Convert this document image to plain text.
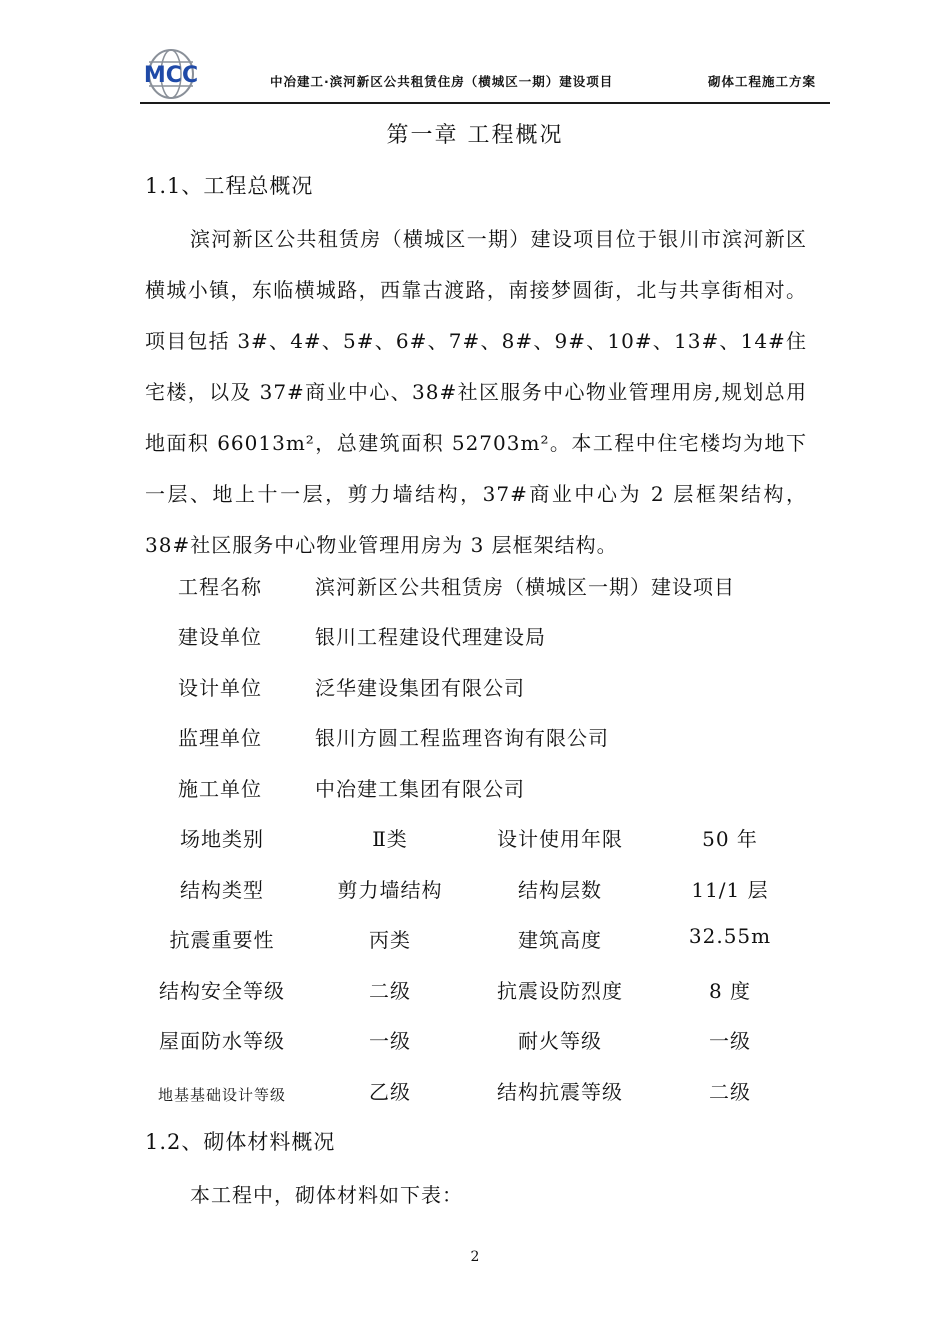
MCC	中冶建工·滨河新区公共租赁住房（横城区一期）建设项目	砌体工程施工方案
第一章 工程概况
1.1、工程总概况

滨河新区公共租赁房（横城区一期）建设项目位于银川市滨河新区横城小镇，东临横城路，西靠古渡路，南接梦圆街，北与共享街相对。项目包括 3#、4#、5#、6#、7#、8#、9#、10#、13#、14#住宅楼，以及 37#商业中心、38#社区服务中心物业管理用房,规划总用地面积 66013m²，总建筑面积 52703m²。本工程中住宅楼均为地下一层、地上十一层，剪力墙结构，37#商业中心为 2 层框架结构，38#社区服务中心物业管理用房为 3 层框架结构。

工程名称	滨河新区公共租赁房（横城区一期）建设项目
建设单位	银川工程建设代理建设局
设计单位	泛华建设集团有限公司
监理单位	银川方圆工程监理咨询有限公司
施工单位	中冶建工集团有限公司
场地类别	Ⅱ类	设计使用年限	50 年
结构类型	剪力墙结构	结构层数	11/1 层
抗震重要性	丙类	建筑高度	32.55m
结构安全等级	二级	抗震设防烈度	8 度
屋面防水等级	一级	耐火等级	一级
地基基础设计等级	乙级	结构抗震等级	二级
1.2、砌体材料概况
本工程中，砌体材料如下表：
2
